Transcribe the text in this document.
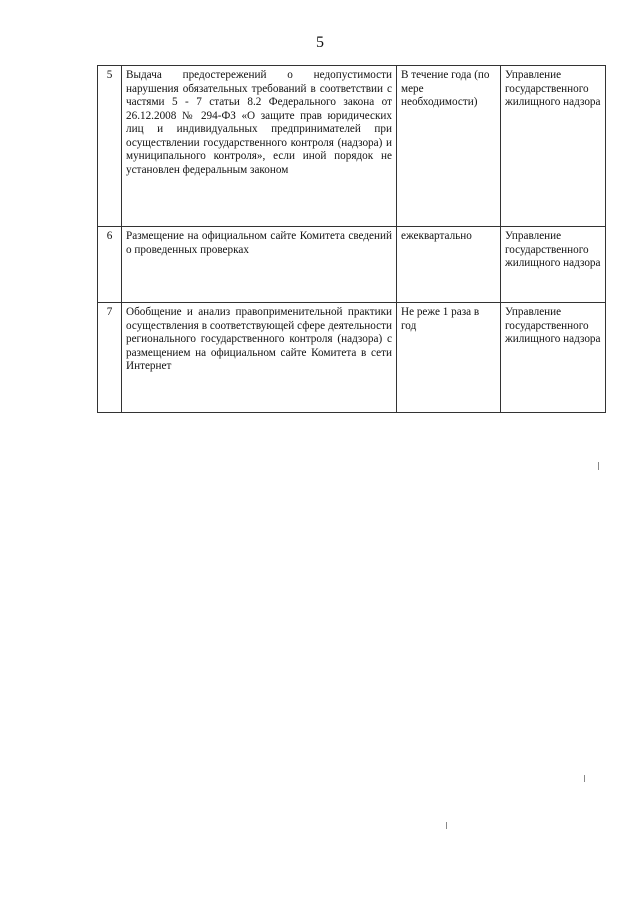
5
5	Выдача предостережений о недопустимости нарушения обязательных требований в соответствии с частями 5 - 7 статьи 8.2 Федерального закона от 26.12.2008 № 294-ФЗ «О защите прав юридических лиц и индивидуальных предпринимателей при осуществлении государственного контроля (надзора) и муниципального контроля», если иной порядок не установлен федеральным законом	В течение года (по мере необходимости)	Управление государственного жилищного надзора
6	Размещение на официальном сайте Комитета сведений о проведенных проверках	ежеквартально	Управление государственного жилищного надзора
7	Обобщение и анализ правоприменительной практики осуществления в соответствующей сфере деятельности регионального государственного контроля (надзора) с размещением на официальном сайте Комитета в сети Интернет	Не реже 1 раза в год	Управление государственного жилищного надзора
